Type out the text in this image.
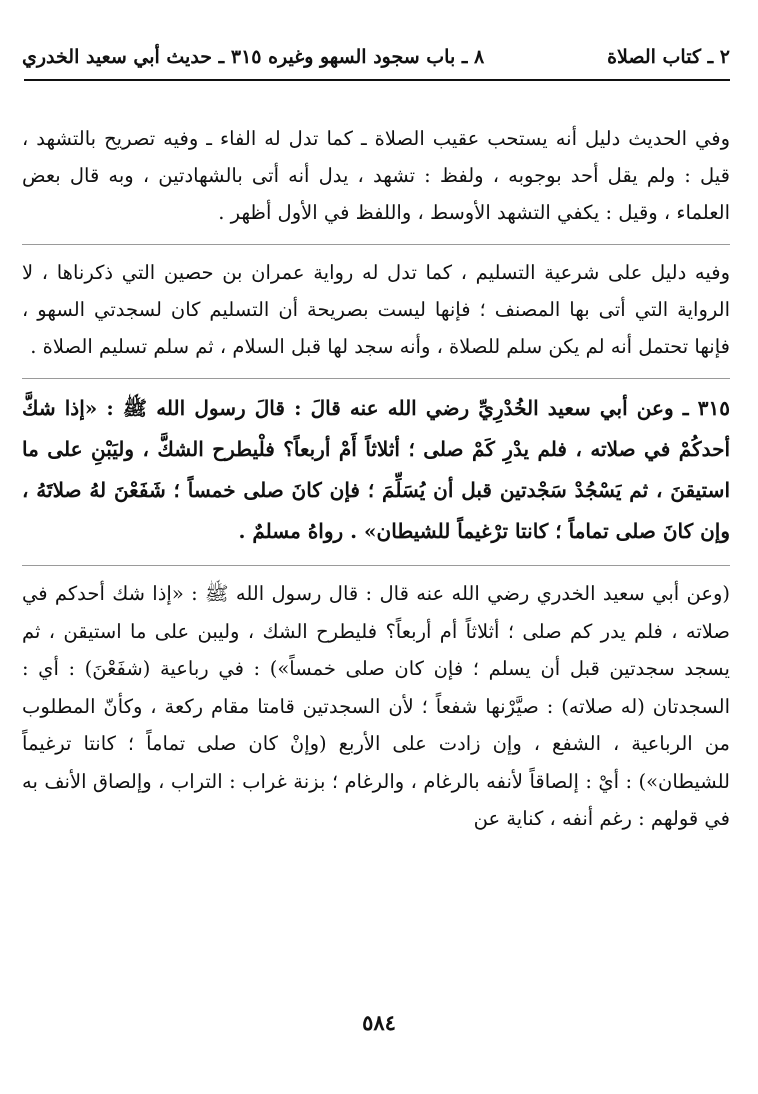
٢ ـ كتاب الصلاة
٨ ـ باب سجود السهو وغيره ٣١٥ ـ حديث أبي سعيد الخدري

وفي الحديث دليل أنه يستحب عقيب الصلاة ـ كما تدل له الفاء ـ وفيه تصريح بالتشهد ، قيل : ولم يقل أحد بوجوبه ، ولفظ : تشهد ، يدل أنه أتى بالشهادتين ، وبه قال بعض العلماء ، وقيل : يكفي التشهد الأوسط ، واللفظ في الأول أظهر .

وفيه دليل على شرعية التسليم ، كما تدل له رواية عمران بن حصين التي ذكرناها ، لا الرواية التي أتى بها المصنف ؛ فإنها ليست بصريحة أن التسليم كان لسجدتي السهو ، فإنها تحتمل أنه لم يكن سلم للصلاة ، وأنه سجد لها قبل السلام ، ثم سلم تسليم الصلاة .

٣١٥ ـ وعن أبي سعيد الخُدْرِيِّ رضي الله عنه قالَ : قالَ رسول الله ﷺ : «إذا شكَّ أحدكُمْ في صلاته ، فلم يدْرِ كَمْ صلى ؛ أثلاثاً أَمْ أربعاً؟ فلْيطرح الشكَّ ، وليَبْنِ على ما استيقنَ ، ثم يَسْجُدْ سَجْدتين قبل أن يُسَلِّمَ ؛ فإن كانَ صلى خمساً ؛ شَفَعْنَ لهُ صلاتَهُ ، وإن كانَ صلى تماماً ؛ كانتا ترْغيماً للشيطان» . رواهُ مسلمٌ .

(وعن أبي سعيد الخدري رضي الله عنه قال : قال رسول الله ﷺ : «إذا شك أحدكم في صلاته ، فلم يدر كم صلى ؛ أثلاثاً أم أربعاً؟ فليطرح الشك ، وليبن على ما استيقن ، ثم يسجد سجدتين قبل أن يسلم ؛ فإن كان صلى خمساً») : في رباعية (شفَعْنَ) : أي : السجدتان (له صلاته) : صيَّرْنها شفعاً ؛ لأن السجدتين قامتا مقام ركعة ، وكأنّ المطلوب من الرباعية ، الشفع ، وإن زادت على الأربع (وإنْ كان صلى تماماً ؛ كانتا ترغيماً للشيطان») : أيْ : إلصاقاً لأنفه بالرغام ، والرغام ؛ بزنة غراب : التراب ، وإلصاق الأنف به في قولهم : رغم أنفه ، كناية عن

٥٨٤
